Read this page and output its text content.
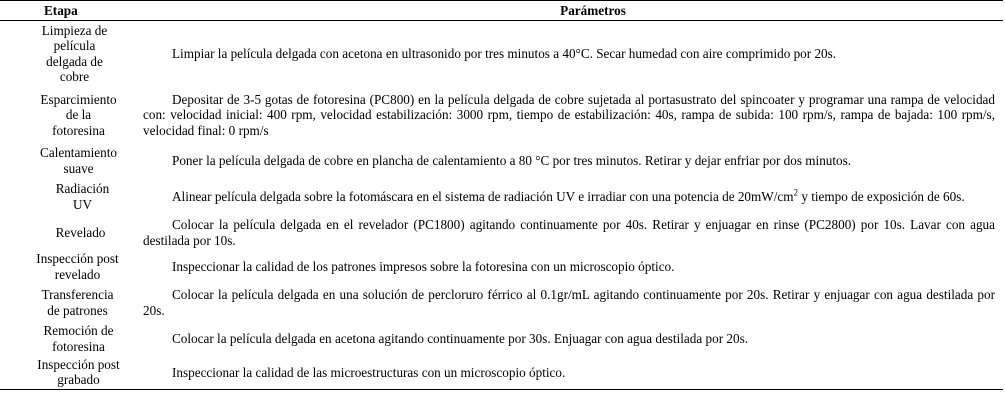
Etapa	Parámetros
Limpieza de película delgada de cobre	Limpiar la película delgada con acetona en ultrasonido por tres minutos a 40°C. Secar humedad con aire comprimido por 20s.
Esparcimiento de la fotoresina	Depositar de 3-5 gotas de fotoresina (PC800) en la película delgada de cobre sujetada al portasustrato del spincoater y programar una rampa de velocidad con: velocidad inicial: 400 rpm, velocidad estabilización: 3000 rpm, tiempo de estabilización: 40s, rampa de subida: 100 rpm/s, rampa de bajada: 100 rpm/s, velocidad final: 0 rpm/s
Calentamiento suave	Poner la película delgada de cobre en plancha de calentamiento a 80 °C por tres minutos. Retirar y dejar enfriar por dos minutos.
Radiación UV	Alinear película delgada sobre la fotomáscara en el sistema de radiación UV e irradiar con una potencia de $20mW/cm^2$ y tiempo de exposición de 60s.
Revelado	Colocar la película delgada en el revelador (PC1800) agitando continuamente por 40s. Retirar y enjuagar en rinse (PC2800) por 10s. Lavar con agua destilada por 10s.
Inspección post revelado	Inspeccionar la calidad de los patrones impresos sobre la fotoresina con un microscopio óptico.
Transferencia de patrones	Colocar la película delgada en una solución de percloruro férrico al 0.1gr/mL agitando continuamente por 20s. Retirar y enjuagar con agua destilada por 20s.
Remoción de fotoresina	Colocar la película delgada en acetona agitando continuamente por 30s. Enjuagar con agua destilada por 20s.
Inspección post grabado	Inspeccionar la calidad de las microestructuras con un microscopio óptico.
